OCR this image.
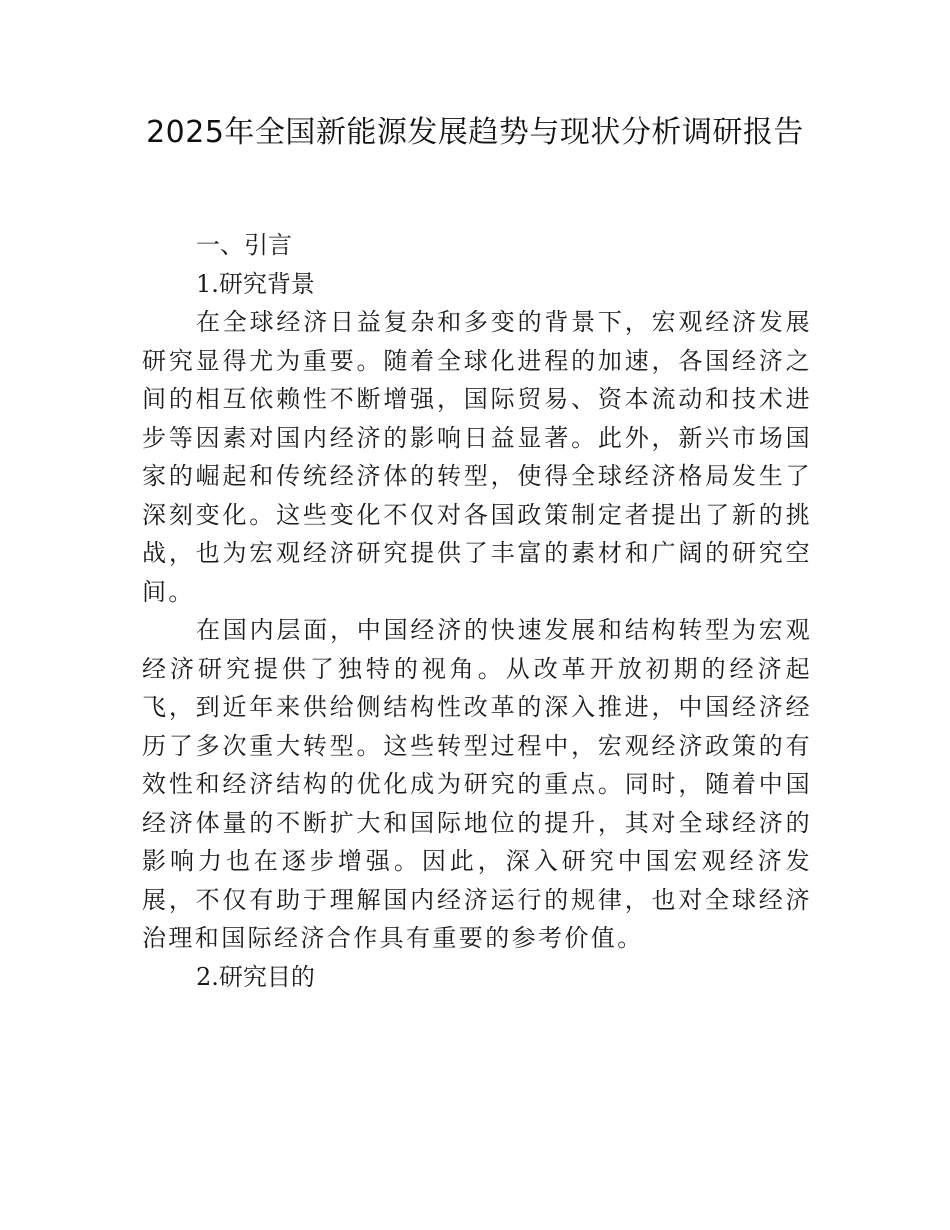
2025年全国新能源发展趋势与现状分析调研报告
一、引言
1.研究背景

在全球经济日益复杂和多变的背景下，宏观经济发展研究显得尤为重要。随着全球化进程的加速，各国经济之间的相互依赖性不断增强，国际贸易、资本流动和技术进步等因素对国内经济的影响日益显著。此外，新兴市场国家的崛起和传统经济体的转型，使得全球经济格局发生了深刻变化。这些变化不仅对各国政策制定者提出了新的挑战，也为宏观经济研究提供了丰富的素材和广阔的研究空间。

在国内层面，中国经济的快速发展和结构转型为宏观经济研究提供了独特的视角。从改革开放初期的经济起飞，到近年来供给侧结构性改革的深入推进，中国经济经历了多次重大转型。这些转型过程中，宏观经济政策的有效性和经济结构的优化成为研究的重点。同时，随着中国经济体量的不断扩大和国际地位的提升，其对全球经济的影响力也在逐步增强。因此，深入研究中国宏观经济发展，不仅有助于理解国内经济运行的规律，也对全球经济治理和国际经济合作具有重要的参考价值。

2.研究目的
